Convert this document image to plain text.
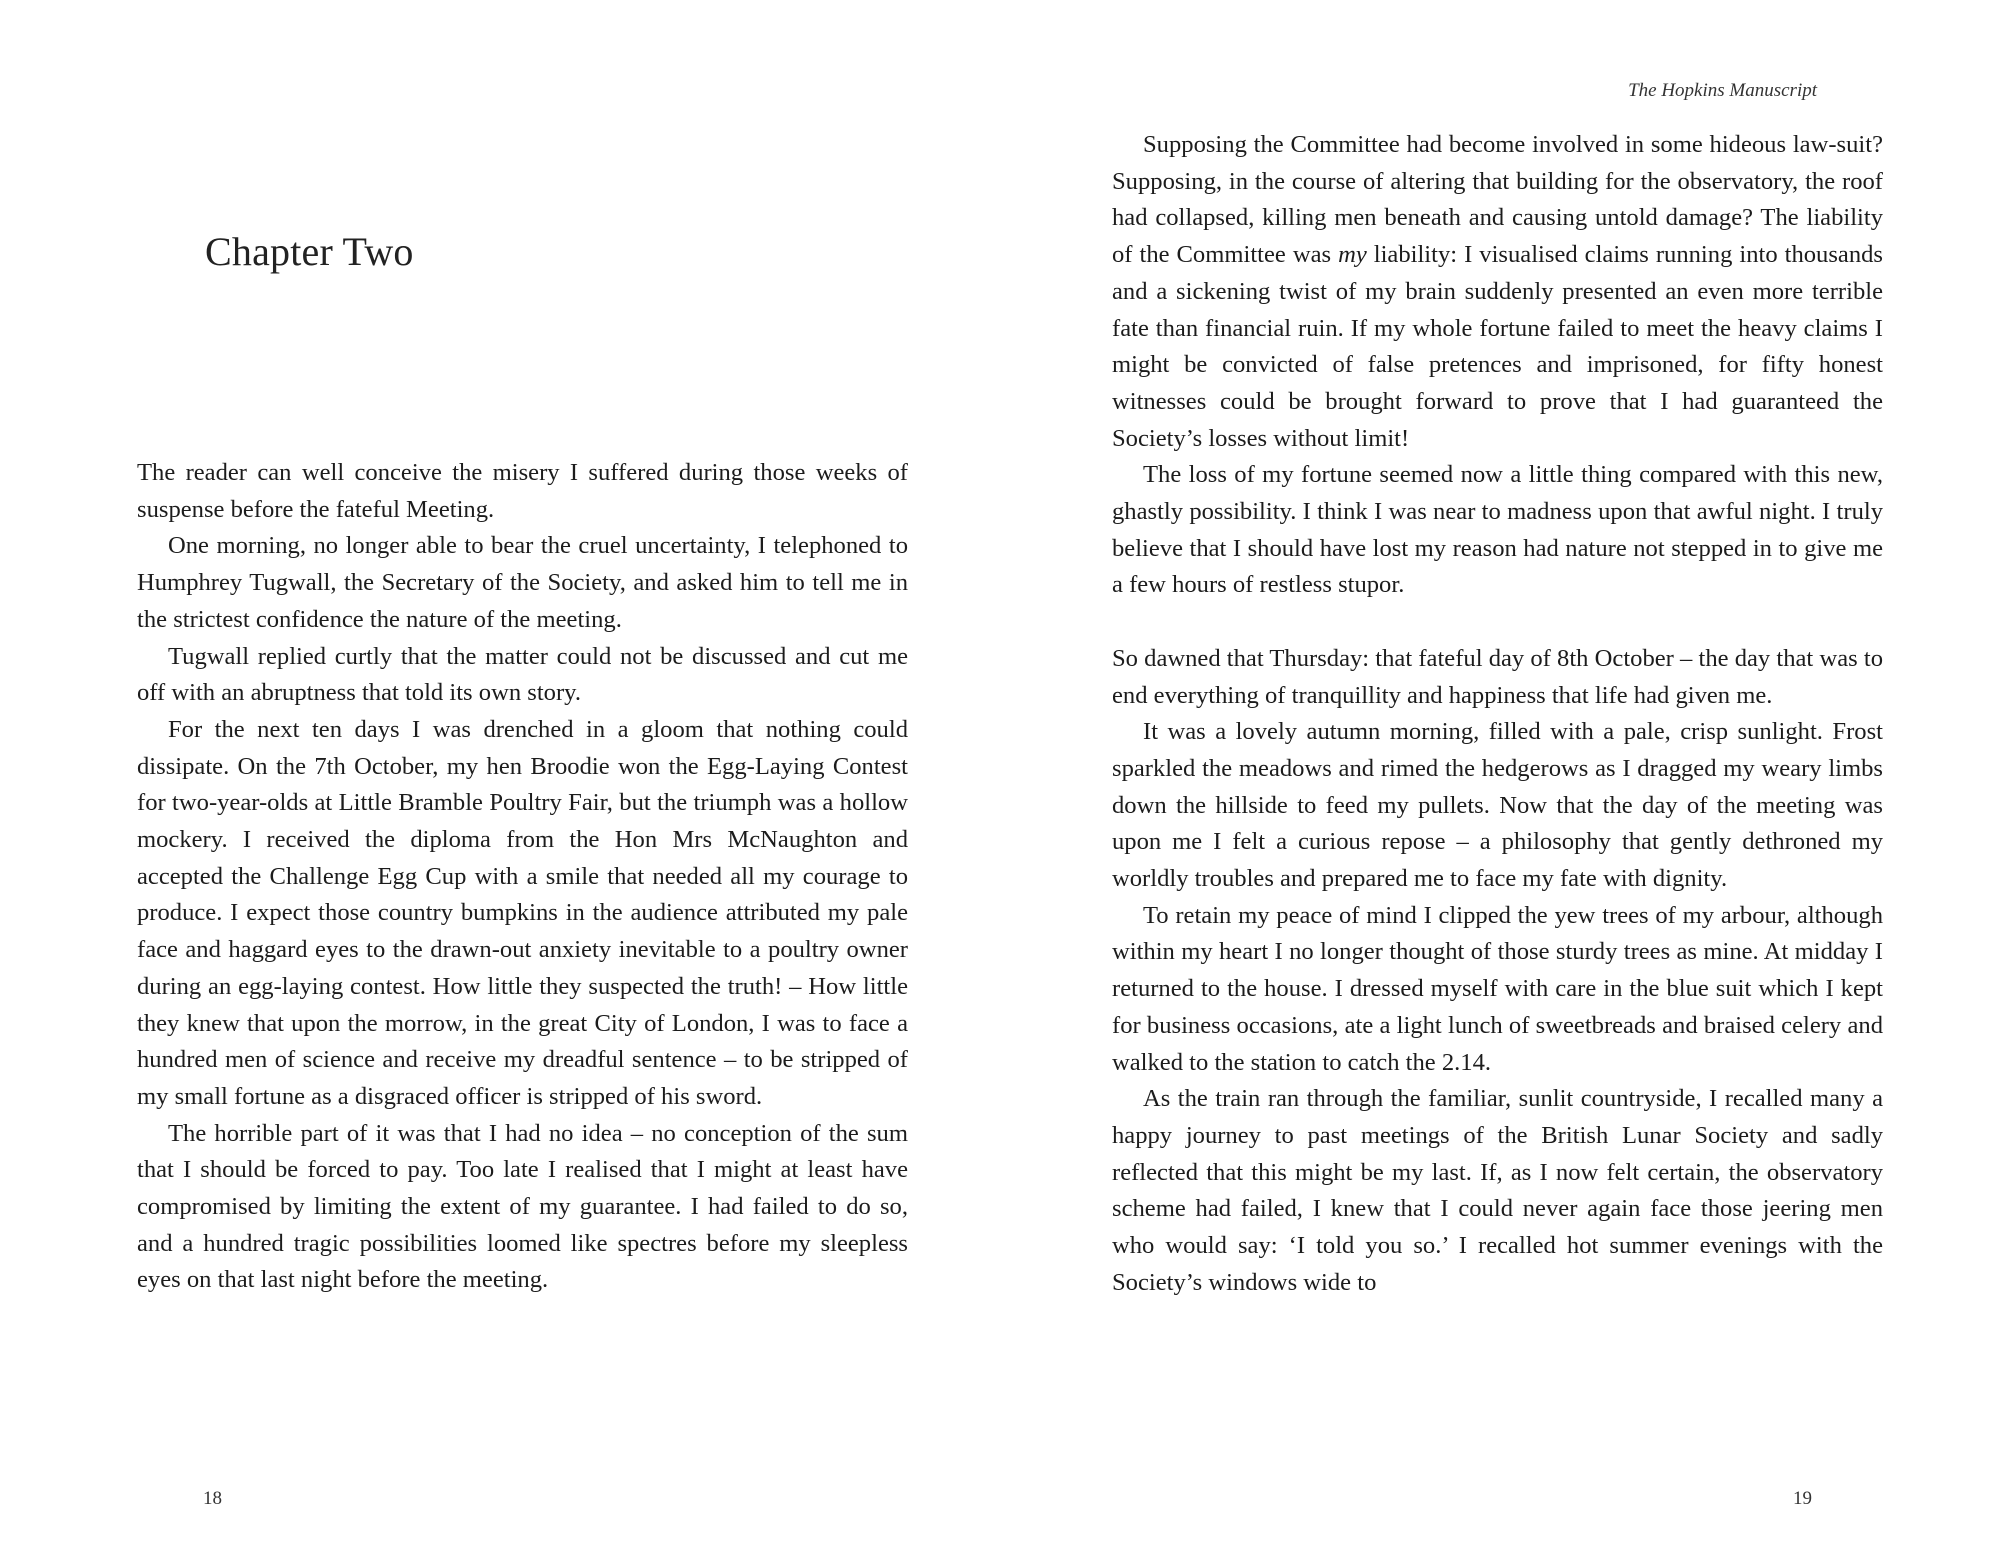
Chapter Two

The reader can well conceive the misery I suffered during those weeks of suspense before the fateful Meeting.

One morning, no longer able to bear the cruel uncertainty, I telephoned to Humphrey Tugwall, the Secretary of the Society, and asked him to tell me in the strictest confidence the nature of the meeting.

Tugwall replied curtly that the matter could not be discussed and cut me off with an abruptness that told its own story.

For the next ten days I was drenched in a gloom that nothing could dissipate. On the 7th October, my hen Broodie won the Egg-Laying Contest for two-year-olds at Little Bramble Poultry Fair, but the triumph was a hollow mockery. I received the diploma from the Hon Mrs McNaughton and accepted the Challenge Egg Cup with a smile that needed all my courage to produce. I expect those country bumpkins in the audience attributed my pale face and haggard eyes to the drawn-out anxiety inevitable to a poultry owner during an egg-laying contest. How little they suspected the truth! – How little they knew that upon the morrow, in the great City of London, I was to face a hundred men of science and receive my dreadful sentence – to be stripped of my small fortune as a disgraced officer is stripped of his sword.

The horrible part of it was that I had no idea – no conception of the sum that I should be forced to pay. Too late I realised that I might at least have compromised by limiting the extent of my guarantee. I had failed to do so, and a hundred tragic possibilities loomed like spectres before my sleepless eyes on that last night before the meeting.

18

The Hopkins Manuscript

Supposing the Committee had become involved in some hideous law-suit? Supposing, in the course of altering that building for the observatory, the roof had collapsed, killing men beneath and causing untold damage? The liability of the Committee was my liability: I visualised claims running into thousands and a sickening twist of my brain suddenly presented an even more terrible fate than financial ruin. If my whole fortune failed to meet the heavy claims I might be convicted of false pretences and imprisoned, for fifty honest witnesses could be brought forward to prove that I had guaranteed the Society’s losses without limit!

The loss of my fortune seemed now a little thing compared with this new, ghastly possibility. I think I was near to madness upon that awful night. I truly believe that I should have lost my reason had nature not stepped in to give me a few hours of restless stupor.

So dawned that Thursday: that fateful day of 8th October – the day that was to end everything of tranquillity and happiness that life had given me.

It was a lovely autumn morning, filled with a pale, crisp sunlight. Frost sparkled the meadows and rimed the hedgerows as I dragged my weary limbs down the hillside to feed my pullets. Now that the day of the meeting was upon me I felt a curious repose – a philosophy that gently dethroned my worldly troubles and prepared me to face my fate with dignity.

To retain my peace of mind I clipped the yew trees of my arbour, although within my heart I no longer thought of those sturdy trees as mine. At midday I returned to the house. I dressed myself with care in the blue suit which I kept for business occasions, ate a light lunch of sweetbreads and braised celery and walked to the station to catch the 2.14.

As the train ran through the familiar, sunlit countryside, I recalled many a happy journey to past meetings of the British Lunar Society and sadly reflected that this might be my last. If, as I now felt certain, the observatory scheme had failed, I knew that I could never again face those jeering men who would say: ‘I told you so.’ I recalled hot summer evenings with the Society’s windows wide to

19
